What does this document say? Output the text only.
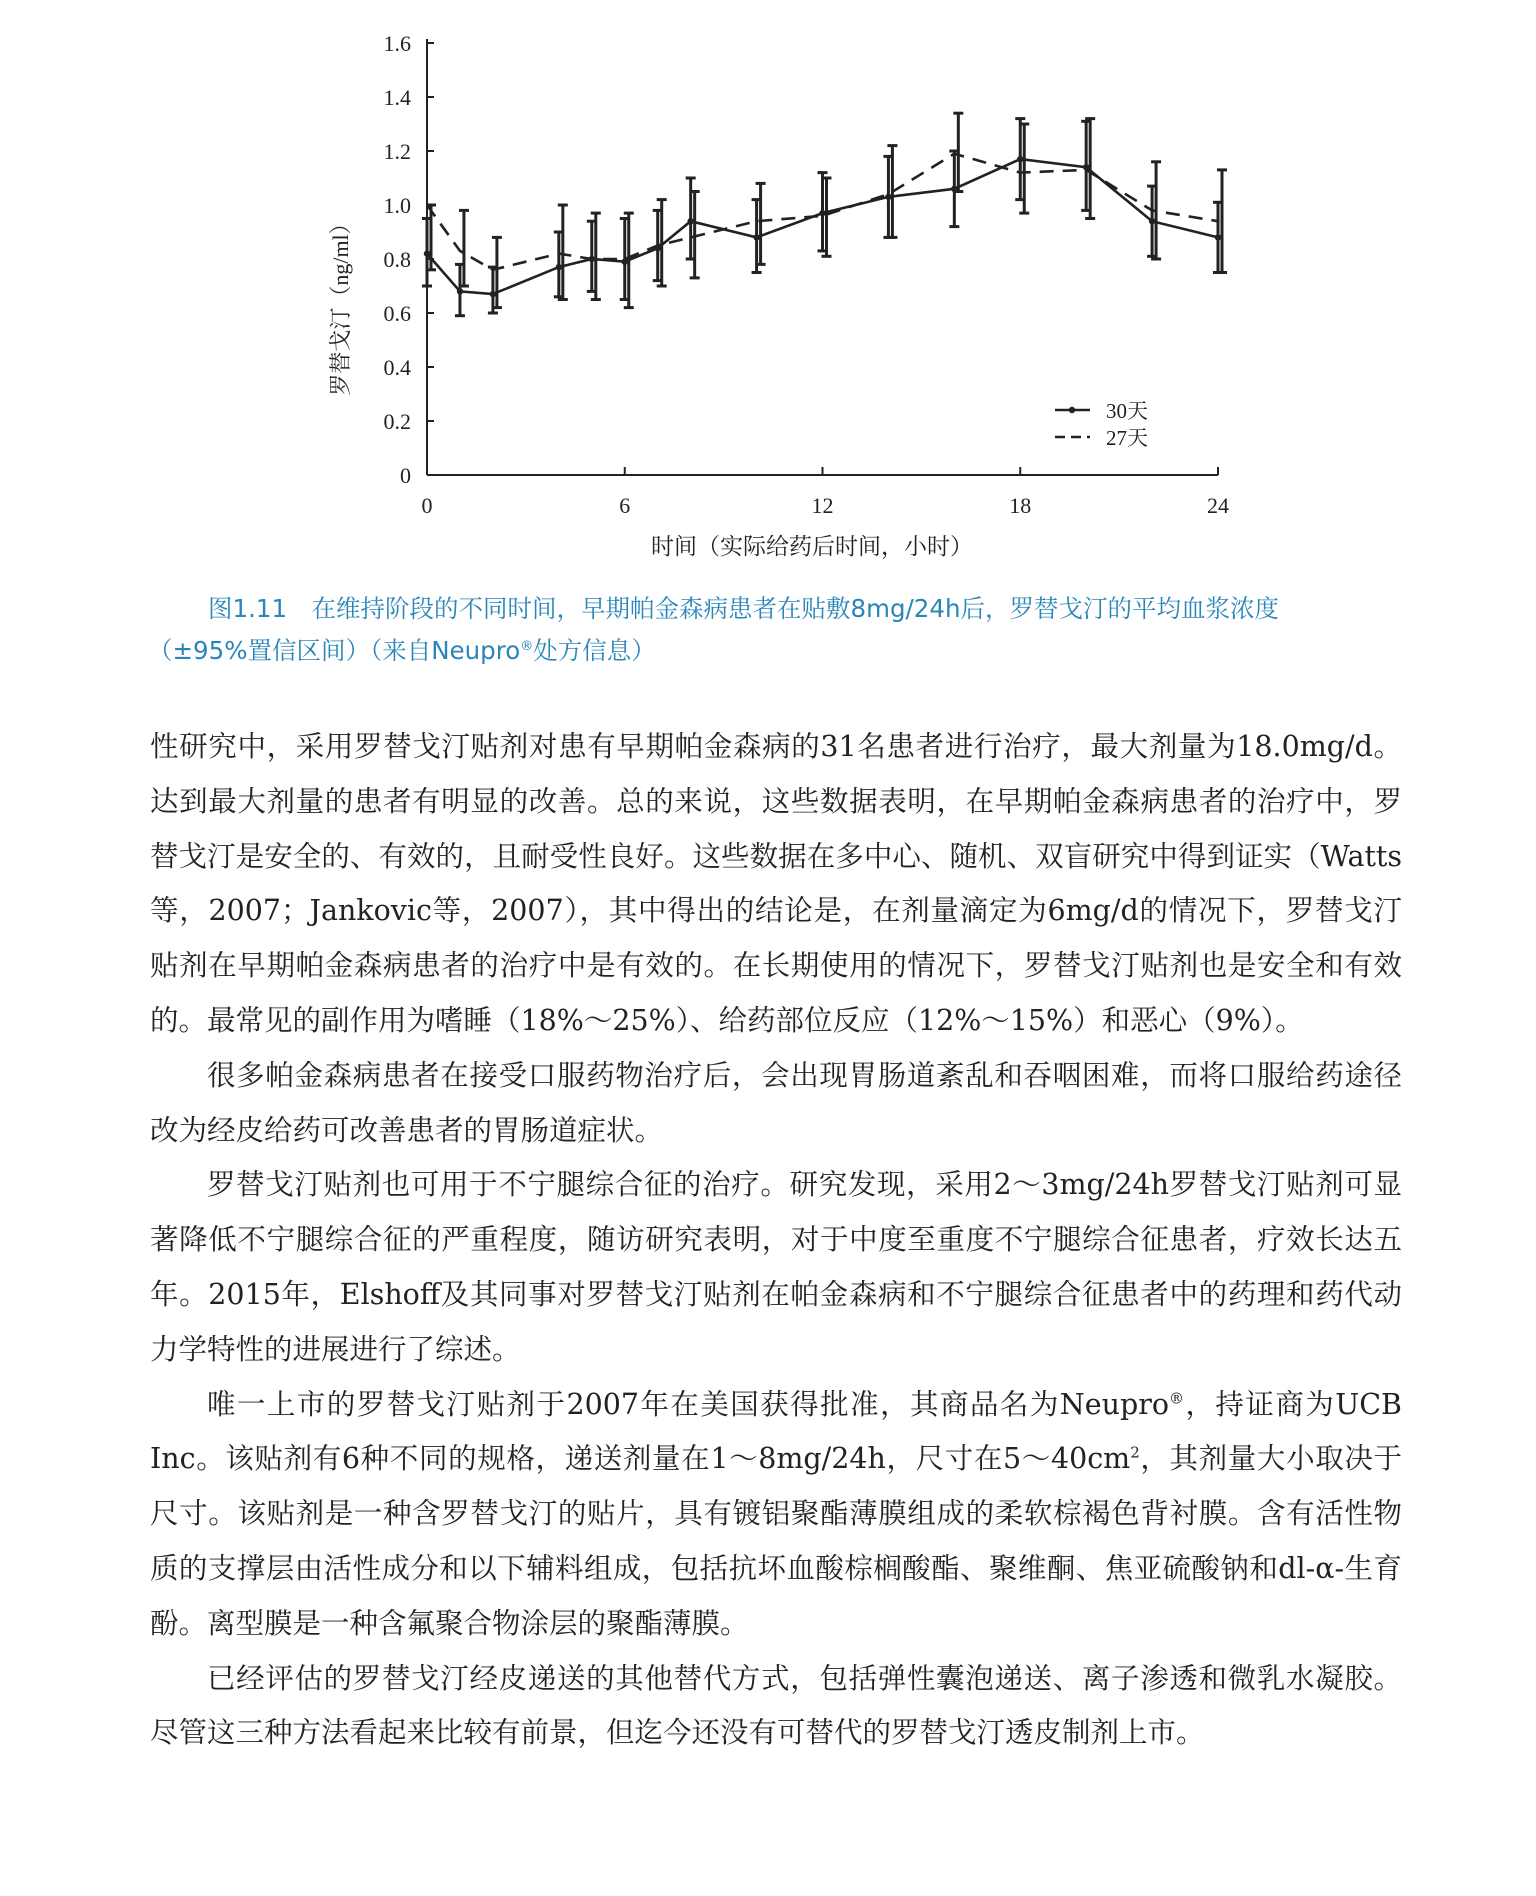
0
0.2
0.4
0.6
0.8
1.0
1.2
1.4
1.6
0	6	12	18	24
30天
27天
罗替戈汀（ng/ml）
时间（实际给药后时间，小时）
图1.11　在维持阶段的不同时间，早期帕金森病患者在贴敷8mg/24h后，罗替戈汀的平均血浆浓度
（±95%置信区间）（来自Neupro®处方信息）

性研究中，采用罗替戈汀贴剂对患有早期帕金森病的31名患者进行治疗，最大剂量为18.0mg/d。达到最大剂量的患者有明显的改善。总的来说，这些数据表明，在早期帕金森病患者的治疗中，罗替戈汀是安全的、有效的，且耐受性良好。这些数据在多中心、随机、双盲研究中得到证实（Watts等，2007；Jankovic等，2007），其中得出的结论是，在剂量滴定为6mg/d的情况下，罗替戈汀贴剂在早期帕金森病患者的治疗中是有效的。在长期使用的情况下，罗替戈汀贴剂也是安全和有效的。最常见的副作用为嗜睡（18%～25%）、给药部位反应（12%～15%）和恶心（9%）。

很多帕金森病患者在接受口服药物治疗后，会出现胃肠道紊乱和吞咽困难，而将口服给药途径改为经皮给药可改善患者的胃肠道症状。

罗替戈汀贴剂也可用于不宁腿综合征的治疗。研究发现，采用2～3mg/24h罗替戈汀贴剂可显著降低不宁腿综合征的严重程度，随访研究表明，对于中度至重度不宁腿综合征患者，疗效长达五年。2015年，Elshoff及其同事对罗替戈汀贴剂在帕金森病和不宁腿综合征患者中的药理和药代动力学特性的进展进行了综述。

唯一上市的罗替戈汀贴剂于2007年在美国获得批准，其商品名为Neupro®，持证商为UCB Inc。该贴剂有6种不同的规格，递送剂量在1～8mg/24h，尺寸在$5\sim 40cm^2$，其剂量大小取决于尺寸。该贴剂是一种含罗替戈汀的贴片，具有镀铝聚酯薄膜组成的柔软棕褐色背衬膜。含有活性物质的支撑层由活性成分和以下辅料组成，包括抗坏血酸棕榈酸酯、聚维酮、焦亚硫酸钠和dl-α-生育酚。离型膜是一种含氟聚合物涂层的聚酯薄膜。

已经评估的罗替戈汀经皮递送的其他替代方式，包括弹性囊泡递送、离子渗透和微乳水凝胶。尽管这三种方法看起来比较有前景，但迄今还没有可替代的罗替戈汀透皮制剂上市。
